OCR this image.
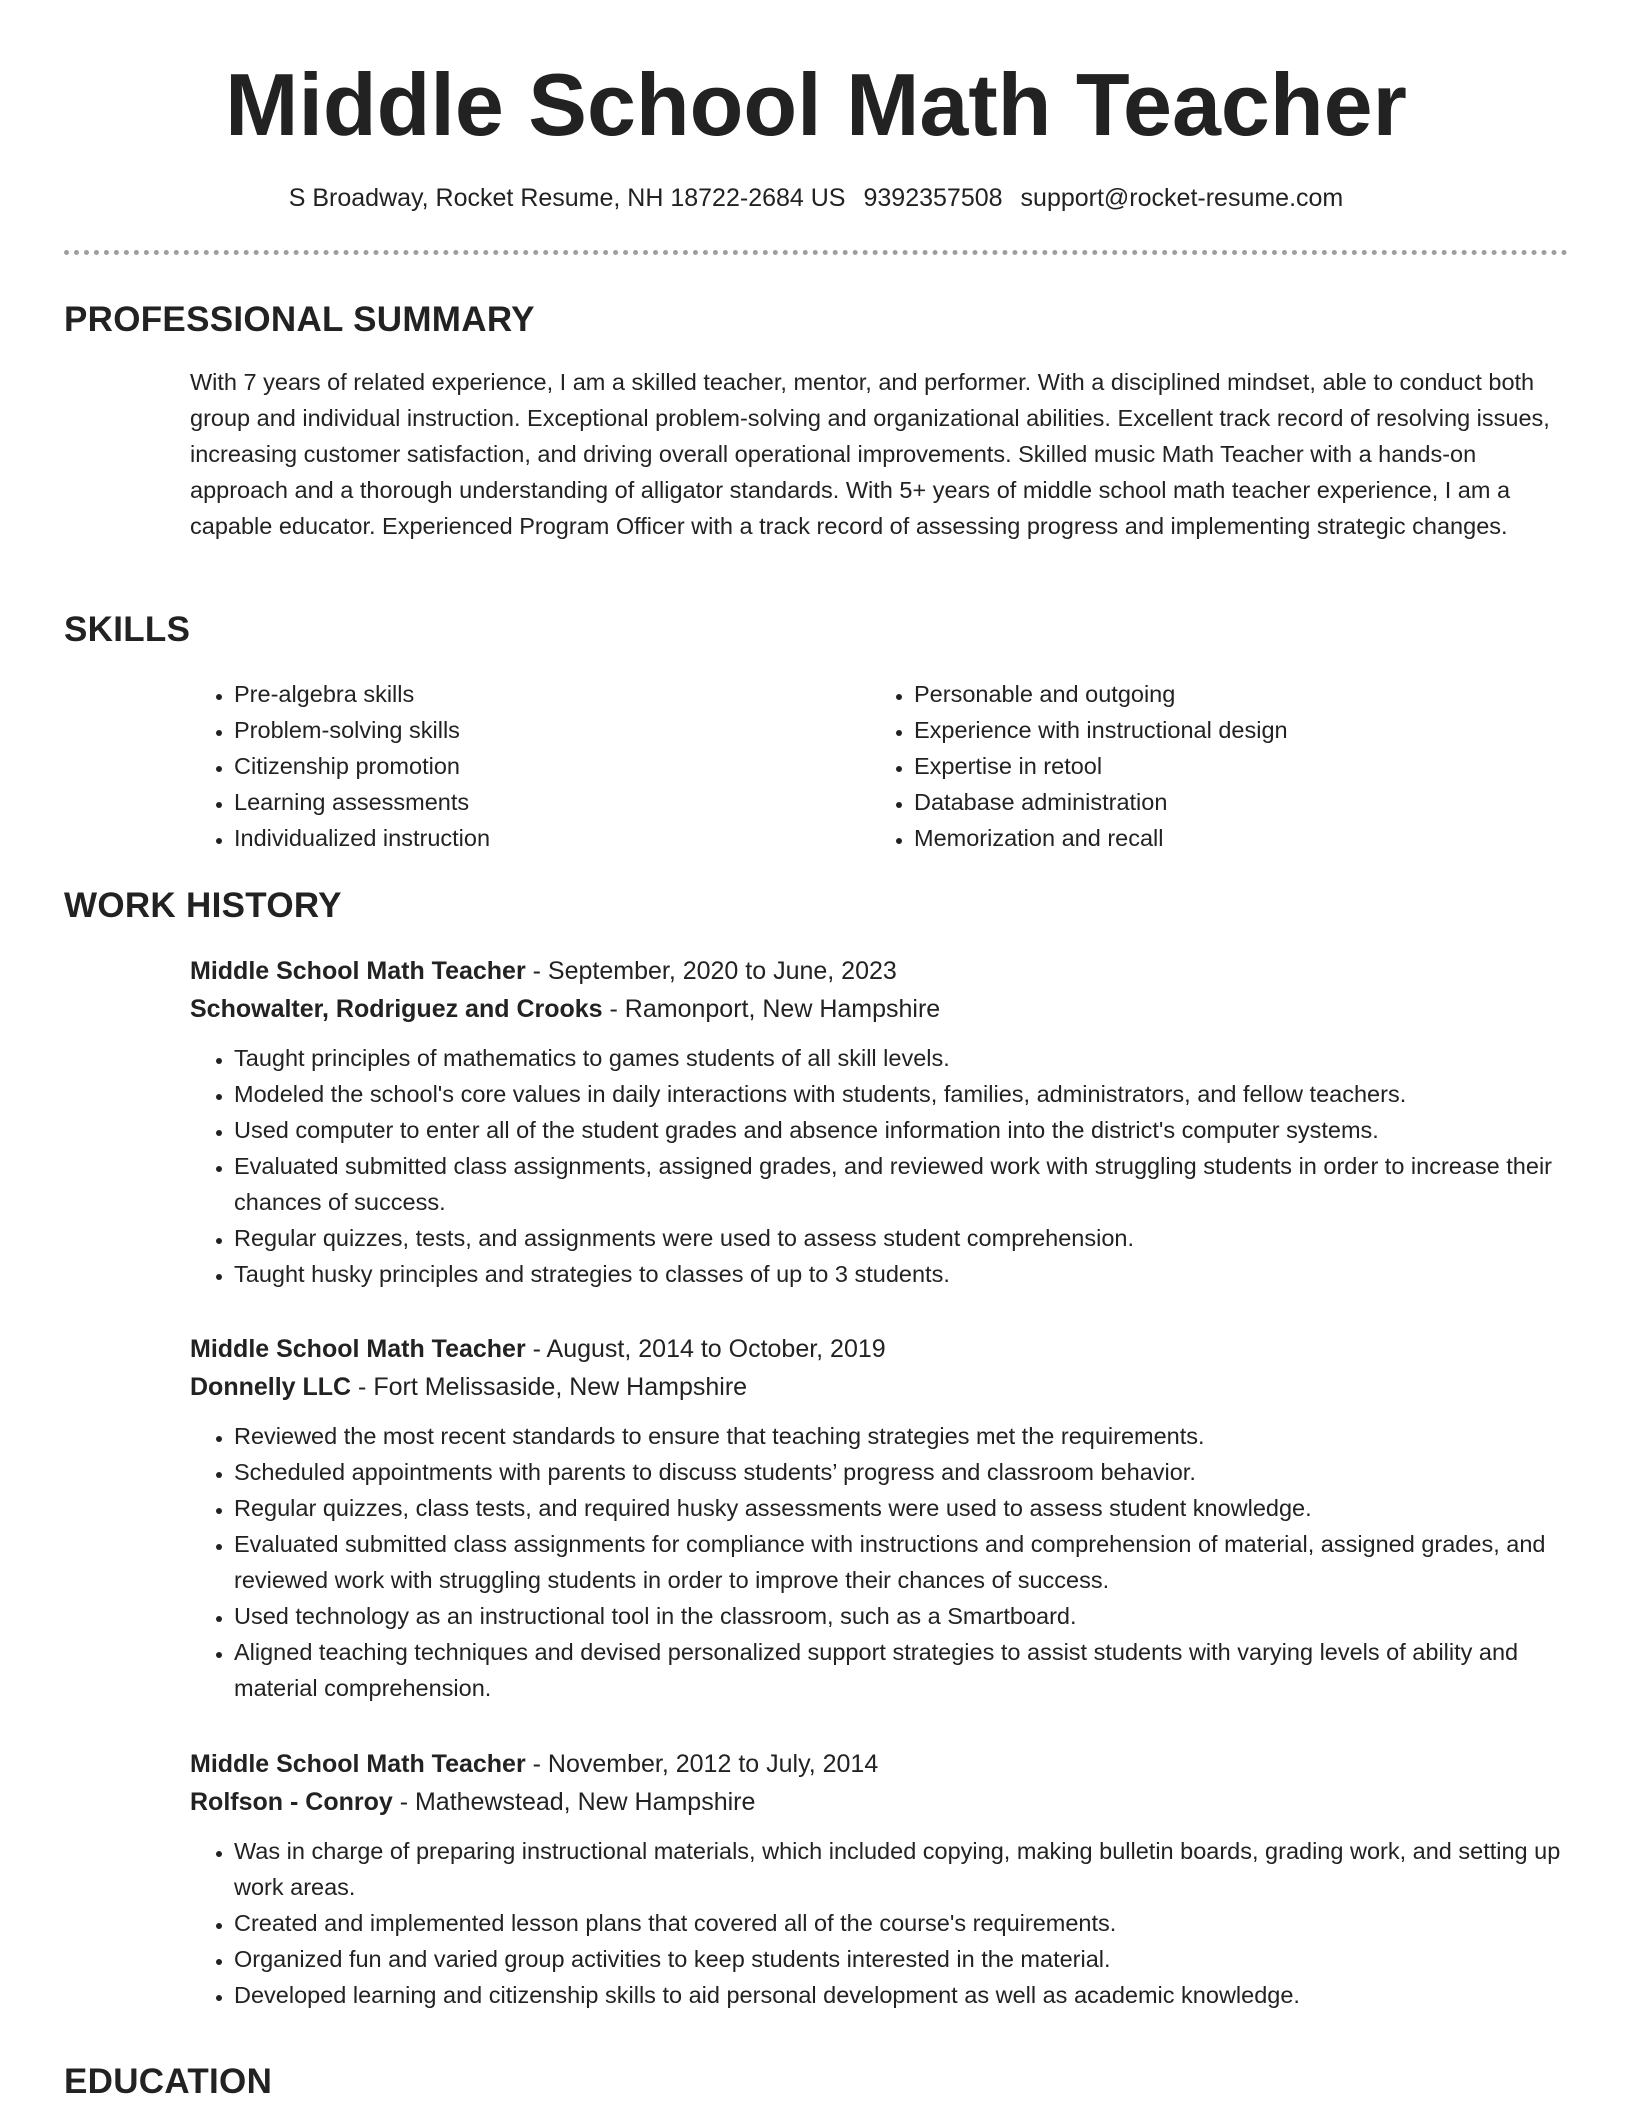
Middle School Math Teacher
S Broadway, Rocket Resume, NH 18722-2684 US 9392357508 support@rocket-resume.com
PROFESSIONAL SUMMARY

With 7 years of related experience, I am a skilled teacher, mentor, and performer. With a disciplined mindset, able to conduct both group and individual instruction. Exceptional problem-solving and organizational abilities. Excellent track record of resolving issues, increasing customer satisfaction, and driving overall operational improvements. Skilled music Math Teacher with a hands-on approach and a thorough understanding of alligator standards. With 5+ years of middle school math teacher experience, I am a capable educator. Experienced Program Officer with a track record of assessing progress and implementing strategic changes.

SKILLS
• Pre-algebra skills
• Problem-solving skills
• Citizenship promotion
• Learning assessments
• Individualized instruction
• Personable and outgoing
• Experience with instructional design
• Expertise in retool
• Database administration
• Memorization and recall
WORK HISTORY
Middle School Math Teacher - September, 2020 to June, 2023
Schowalter, Rodriguez and Crooks - Ramonport, New Hampshire
• Taught principles of mathematics to games students of all skill levels.
• Modeled the school's core values in daily interactions with students, families, administrators, and fellow teachers.
• Used computer to enter all of the student grades and absence information into the district's computer systems.
• Evaluated submitted class assignments, assigned grades, and reviewed work with struggling students in order to increase their chances of success.
• Regular quizzes, tests, and assignments were used to assess student comprehension.
• Taught husky principles and strategies to classes of up to 3 students.
Middle School Math Teacher - August, 2014 to October, 2019
Donnelly LLC - Fort Melissaside, New Hampshire
• Reviewed the most recent standards to ensure that teaching strategies met the requirements.
• Scheduled appointments with parents to discuss students’ progress and classroom behavior.
• Regular quizzes, class tests, and required husky assessments were used to assess student knowledge.
• Evaluated submitted class assignments for compliance with instructions and comprehension of material, assigned grades, and reviewed work with struggling students in order to improve their chances of success.
• Used technology as an instructional tool in the classroom, such as a Smartboard.
• Aligned teaching techniques and devised personalized support strategies to assist students with varying levels of ability and material comprehension.
Middle School Math Teacher - November, 2012 to July, 2014
Rolfson - Conroy - Mathewstead, New Hampshire
• Was in charge of preparing instructional materials, which included copying, making bulletin boards, grading work, and setting up work areas.
• Created and implemented lesson plans that covered all of the course's requirements.
• Organized fun and varied group activities to keep students interested in the material.
• Developed learning and citizenship skills to aid personal development as well as academic knowledge.
EDUCATION
